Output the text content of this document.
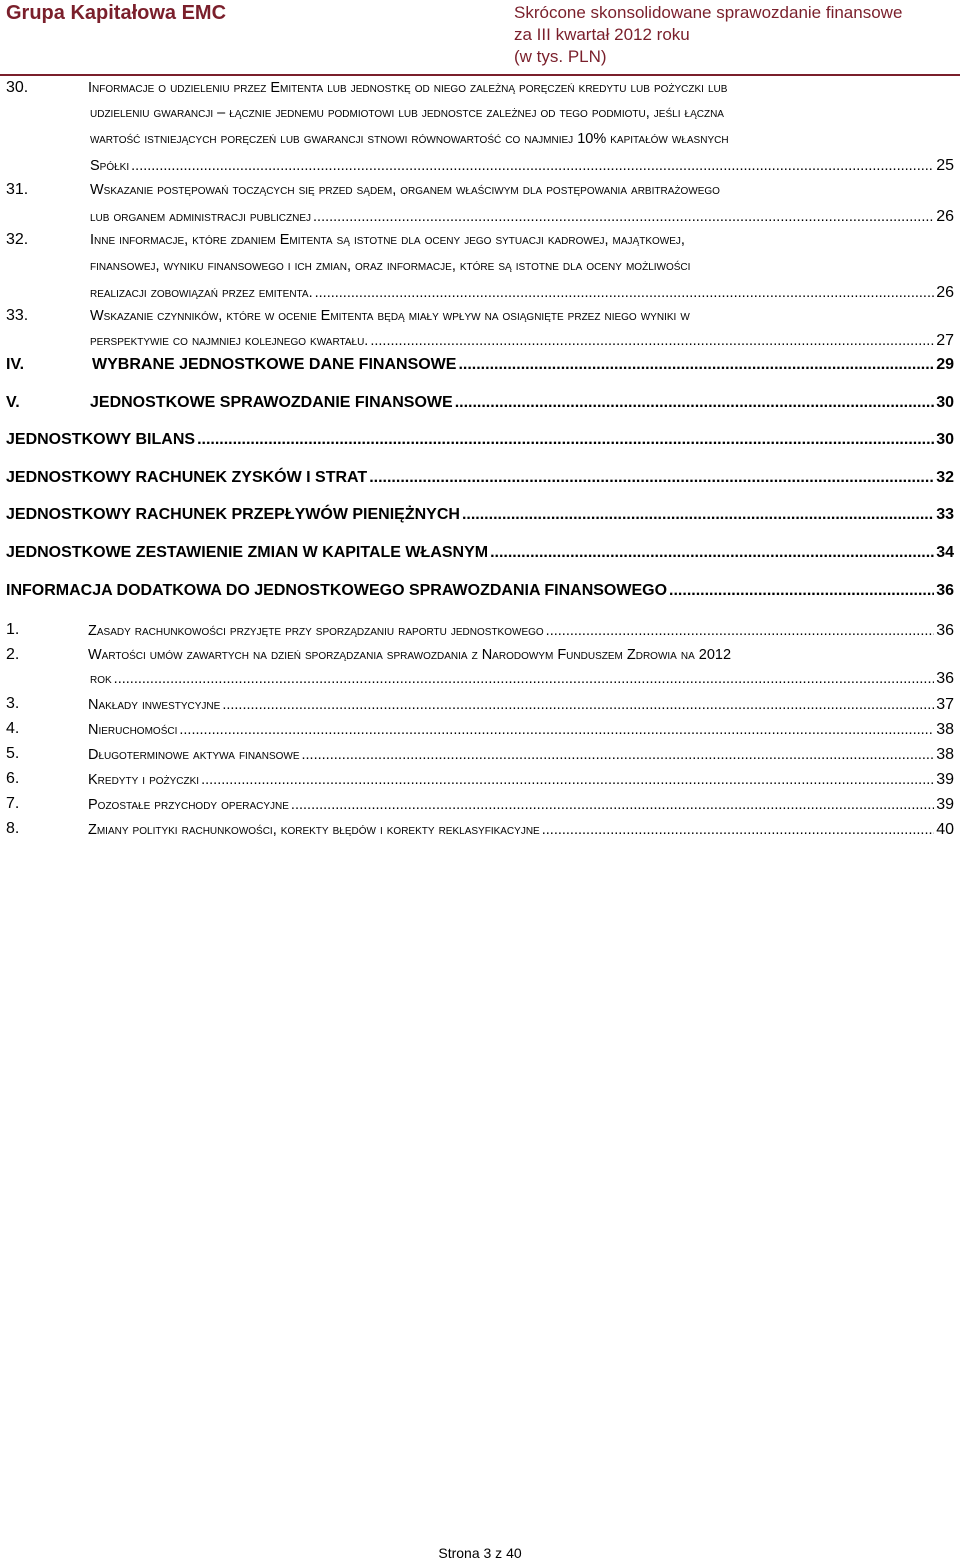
Grupa Kapitałowa EMC	Skrócone skonsolidowane sprawozdanie finansowe
za III kwartał 2012 roku
(w tys. PLN)
30.	Informacje o udzieleniu przez Emitenta lub jednostkę od niego zależną poręczeń kredytu lub pożyczki lub
udzieleniu gwarancji – łącznie jednemu podmiotowi lub jednostce zależnej od tego podmiotu, jeśli łączna
wartość istniejących poręczeń lub gwarancji stnowi równowartość co najmniej 10% kapitałów własnych
Spółki .....	25
31.	Wskazanie postępowań toczących się przed sądem, organem właściwym dla postępowania arbitrażowego
lub organem administracji publicznej .....	26
32.	Inne informacje, które zdaniem Emitenta są istotne dla oceny jego sytuacji kadrowej, majątkowej,
finansowej, wyniku finansowego i ich zmian, oraz informacje, które są istotne dla oceny możliwości
realizacji zobowiązań przez emitenta. .....	26
33.	Wskazanie czynników, które w ocenie Emitenta będą miały wpływ na osiągnięte przez niego wyniki w
perspektywie co najmniej kolejnego kwartału. .....	27
IV.	WYBRANE JEDNOSTKOWE DANE FINANSOWE .....	29
V.	JEDNOSTKOWE SPRAWOZDANIE FINANSOWE .....	30
JEDNOSTKOWY BILANS .....	30
JEDNOSTKOWY RACHUNEK ZYSKÓW I STRAT .....	32
JEDNOSTKOWY RACHUNEK PRZEPŁYWÓW PIENIĘŻNYCH .....	33
JEDNOSTKOWE ZESTAWIENIE ZMIAN W KAPITALE WŁASNYM .....	34
INFORMACJA DODATKOWA DO JEDNOSTKOWEGO SPRAWOZDANIA FINANSOWEGO .....	36
1.	Zasady rachunkowości przyjęte przy sporządzaniu raportu jednostkowego .....	36
2.	Wartości umów zawartych na dzień sporządzania sprawozdania z Narodowym Funduszem Zdrowia na 2012
rok .....	36
3.	Nakłady inwestycyjne .....	37
4.	Nieruchomości .....	38
5.	Długoterminowe aktywa finansowe .....	38
6.	Kredyty i pożyczki .....	39
7.	Pozostałe przychody operacyjne .....	39
8.	Zmiany polityki rachunkowości, korekty błędów i korekty reklasyfikacyjne .....	40
Strona 3 z 40
